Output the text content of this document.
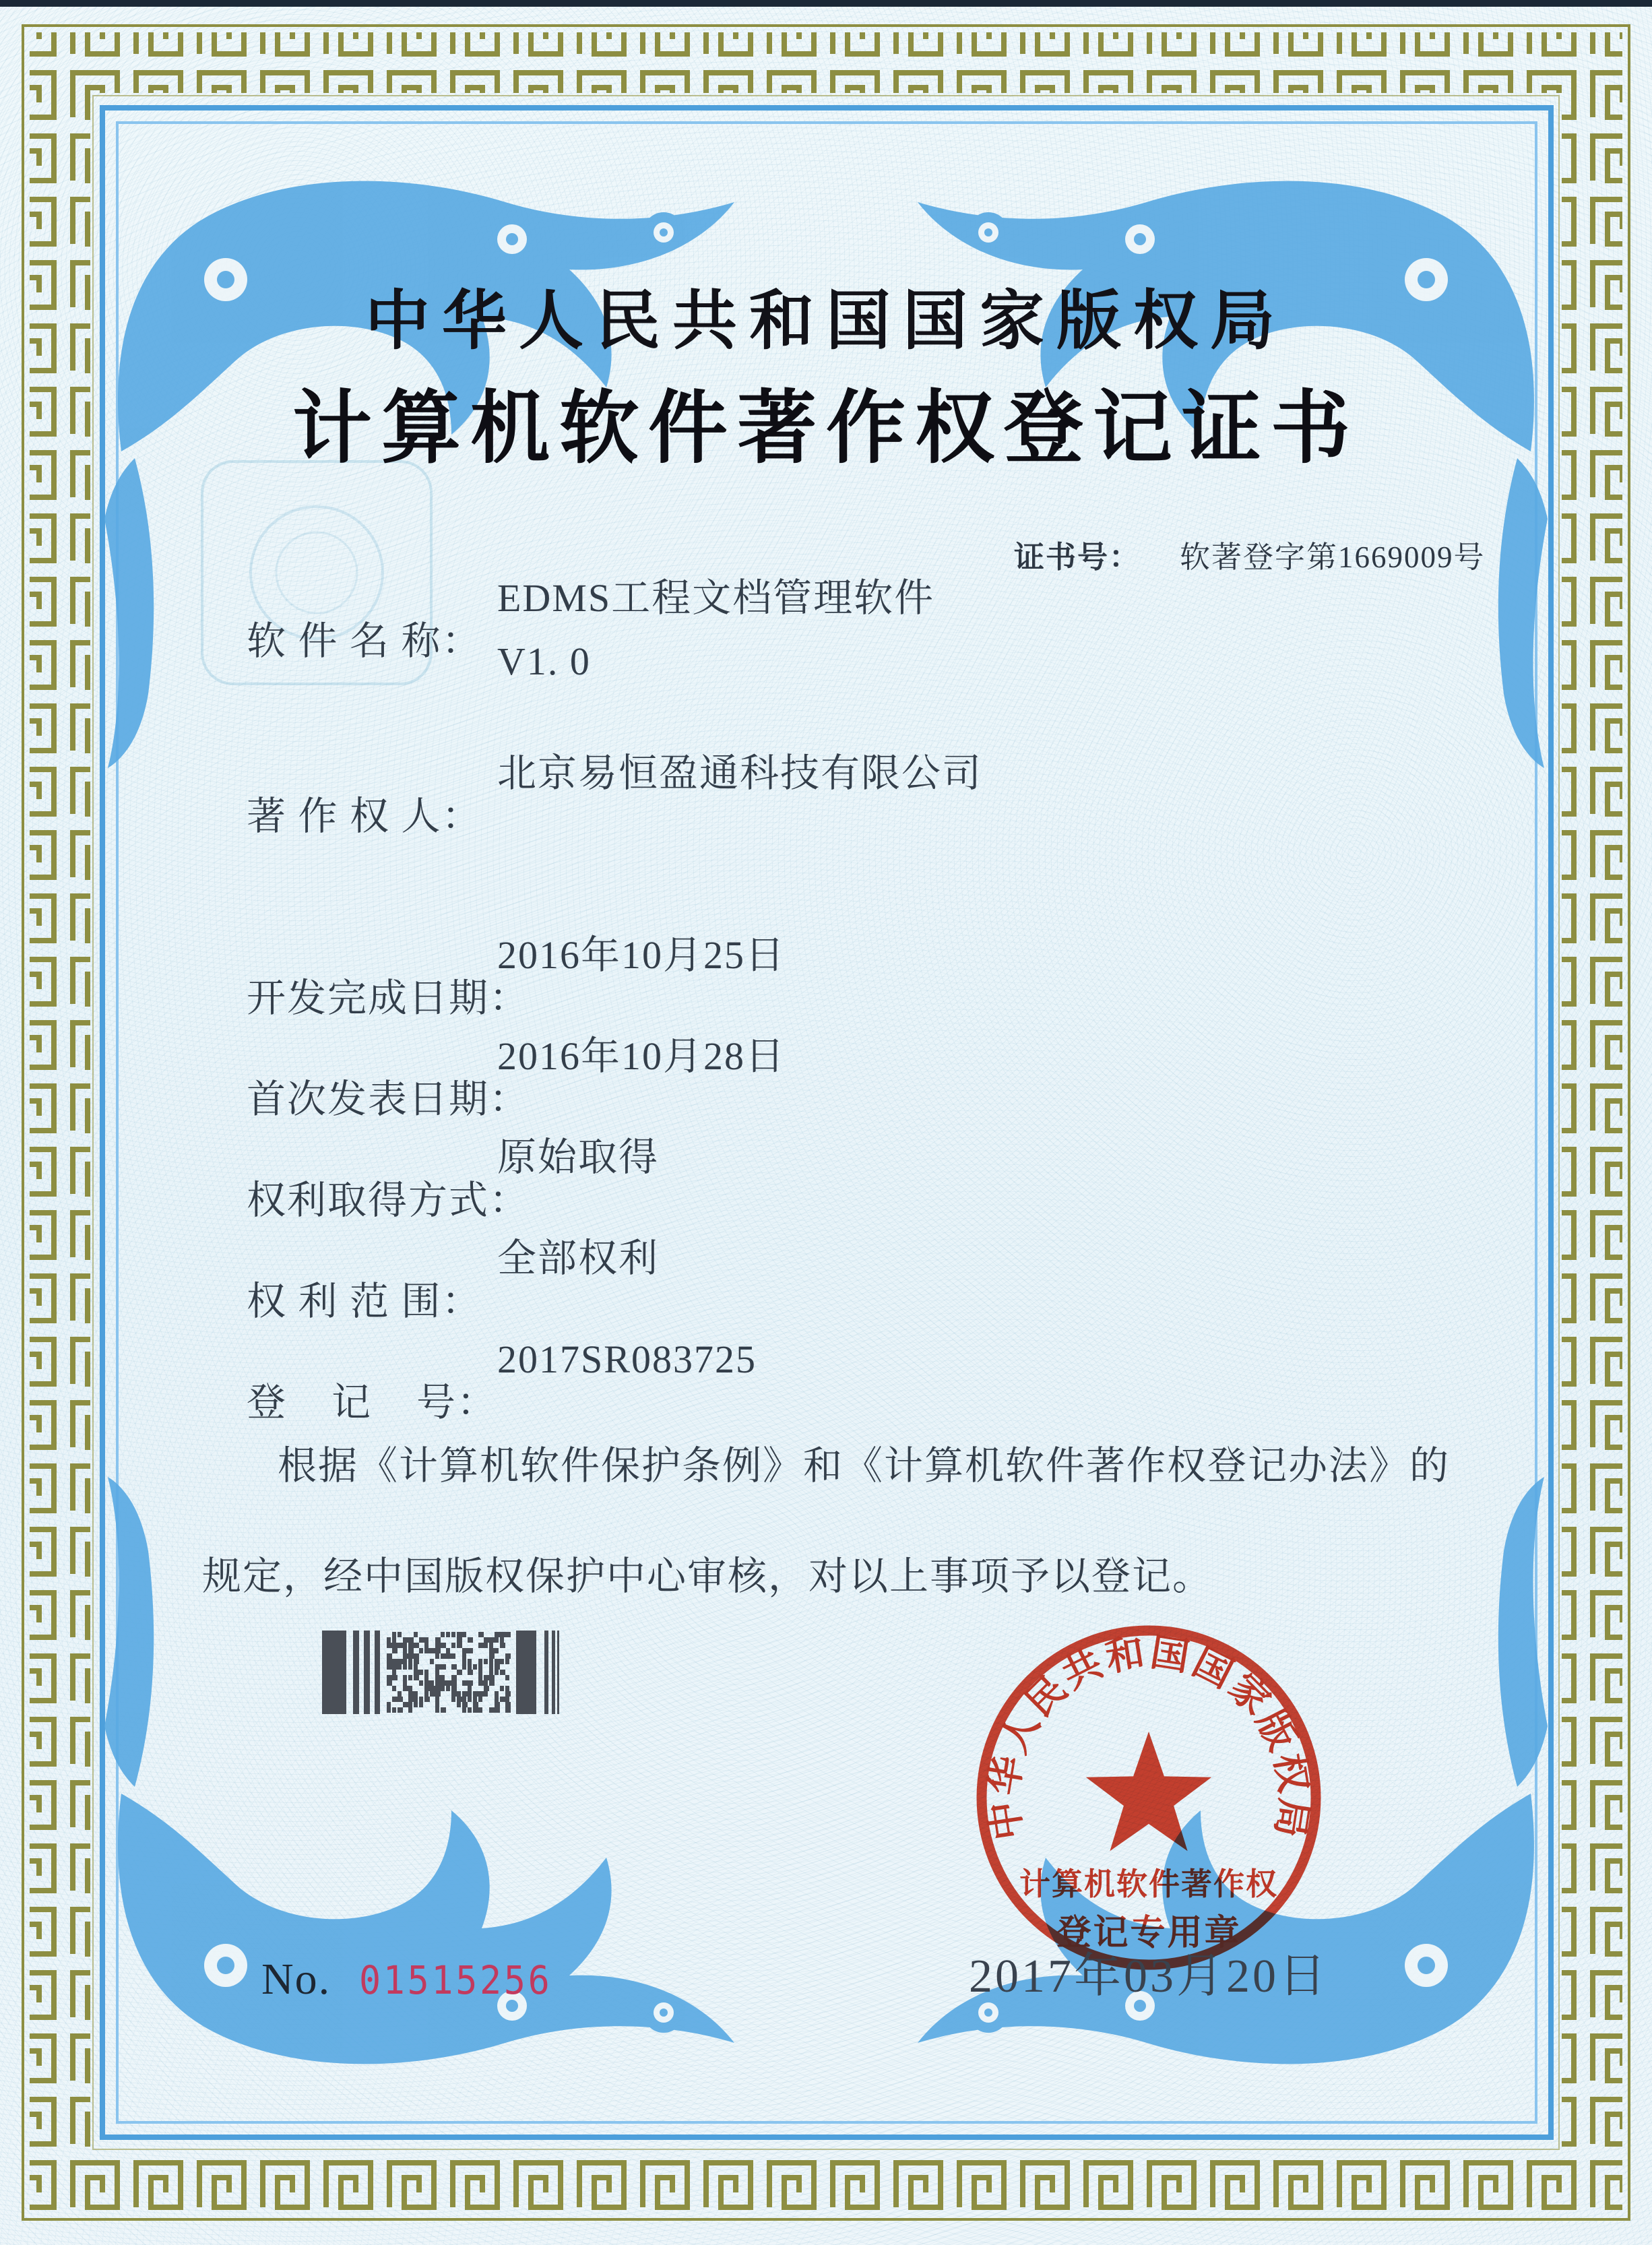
中华人民共和国国家版权局
计算机软件著作权登记证书

证书号： 软著登字第1669009号

软 件 名 称：

EDMS工程文档管理软件

V1. 0

著 作 权 人：

北京易恒盈通科技有限公司

开发完成日期：

2016年10月25日

首次发表日期：

2016年10月28日

权利取得方式：

原始取得

权 利 范 围：

全部权利

登    记    号：

2017SR083725

根据《计算机软件保护条例》和《计算机软件著作权登记办法》的
规定，经中国版权保护中心审核，对以上事项予以登记。
中华人民共和国国家版权局
计算机软件著作权
登记专用章
2017年03月20日
No. 01515256
